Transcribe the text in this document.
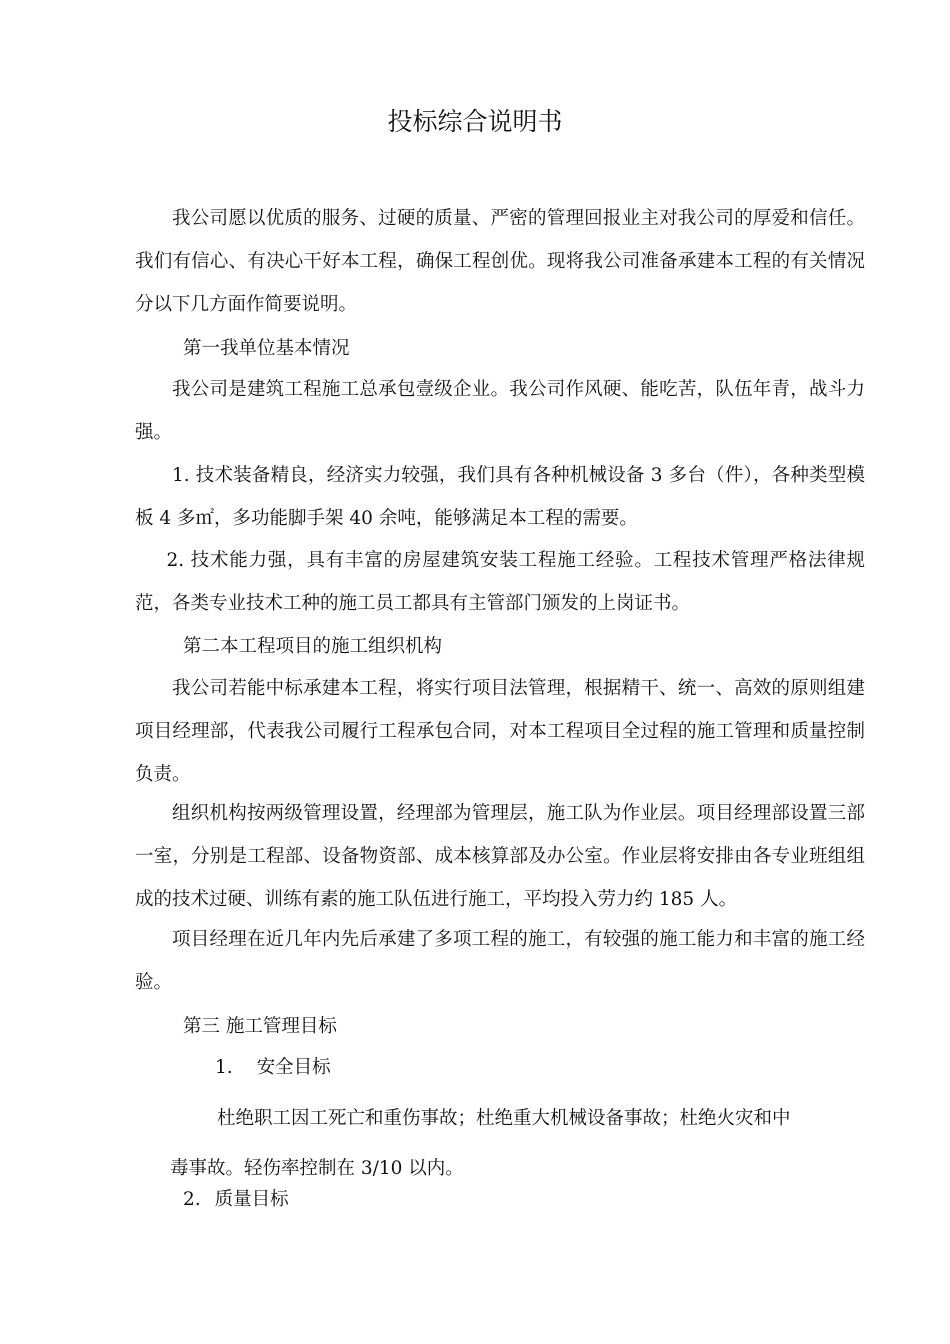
投标综合说明书

我公司愿以优质的服务、过硬的质量、严密的管理回报业主对我公司的厚爱和信任。我们有信心、有决心干好本工程，确保工程创优。现将我公司准备承建本工程的有关情况分以下几方面作简要说明。

第一我单位基本情况

我公司是建筑工程施工总承包壹级企业。我公司作风硬、能吃苦，队伍年青，战斗力强。

1. 技术装备精良，经济实力较强，我们具有各种机械设备 3 多台（件），各种类型模板 4 多㎡，多功能脚手架 40 余吨，能够满足本工程的需要。

2. 技术能力强，具有丰富的房屋建筑安装工程施工经验。工程技术管理严格法律规范，各类专业技术工种的施工员工都具有主管部门颁发的上岗证书。

第二本工程项目的施工组织机构

我公司若能中标承建本工程，将实行项目法管理，根据精干、统一、高效的原则组建项目经理部，代表我公司履行工程承包合同，对本工程项目全过程的施工管理和质量控制负责。

组织机构按两级管理设置，经理部为管理层，施工队为作业层。项目经理部设置三部一室，分别是工程部、设备物资部、成本核算部及办公室。作业层将安排由各专业班组组成的技术过硬、训练有素的施工队伍进行施工，平均投入劳力约 185 人。

项目经理在近几年内先后承建了多项工程的施工，有较强的施工能力和丰富的施工经验。

第三 施工管理目标
1. 安全目标
杜绝职工因工死亡和重伤事故；杜绝重大机械设备事故；杜绝火灾和中
毒事故。轻伤率控制在 3/10 以内。
2. 质量目标
